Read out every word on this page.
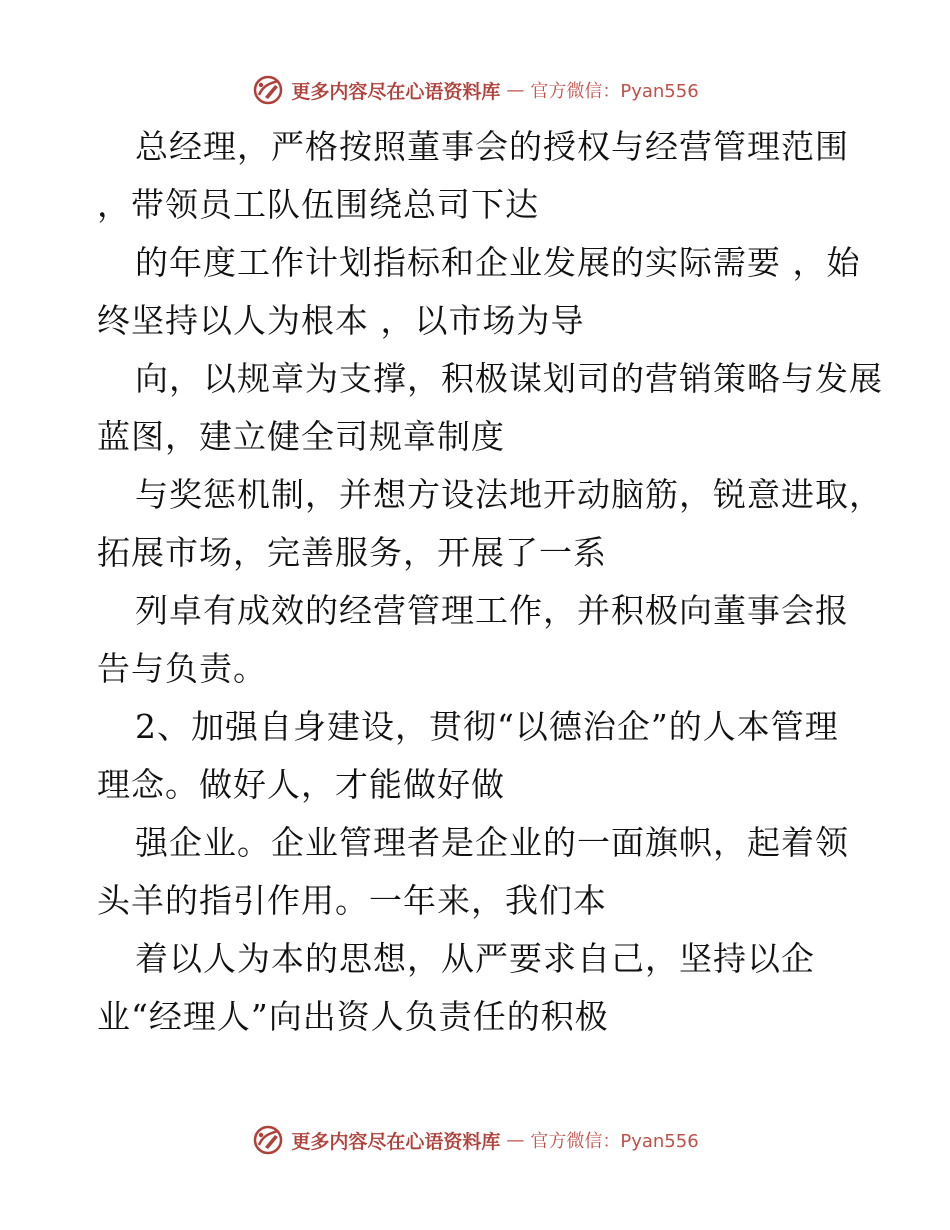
更多内容尽在心语资料库 — 官方微信：Pyan556
总经理，严格按照董事会的授权与经营管理范围
，带领员工队伍围绕总司下达
的年度工作计划指标和企业发展的实际需要 ，始
终坚持以人为根本 ，以市场为导
向，以规章为支撑，积极谋划司的营销策略与发展
蓝图，建立健全司规章制度
与奖惩机制，并想方设法地开动脑筋，锐意进取，
拓展市场，完善服务，开展了一系
列卓有成效的经营管理工作，并积极向董事会报
告与负责。
2、加强自身建设，贯彻“以德治企”的人本管理
理念。做好人，才能做好做
强企业。企业管理者是企业的一面旗帜，起着领
头羊的指引作用。一年来，我们本
着以人为本的思想，从严要求自己，坚持以企
业“经理人”向出资人负责任的积极
更多内容尽在心语资料库 — 官方微信：Pyan556
